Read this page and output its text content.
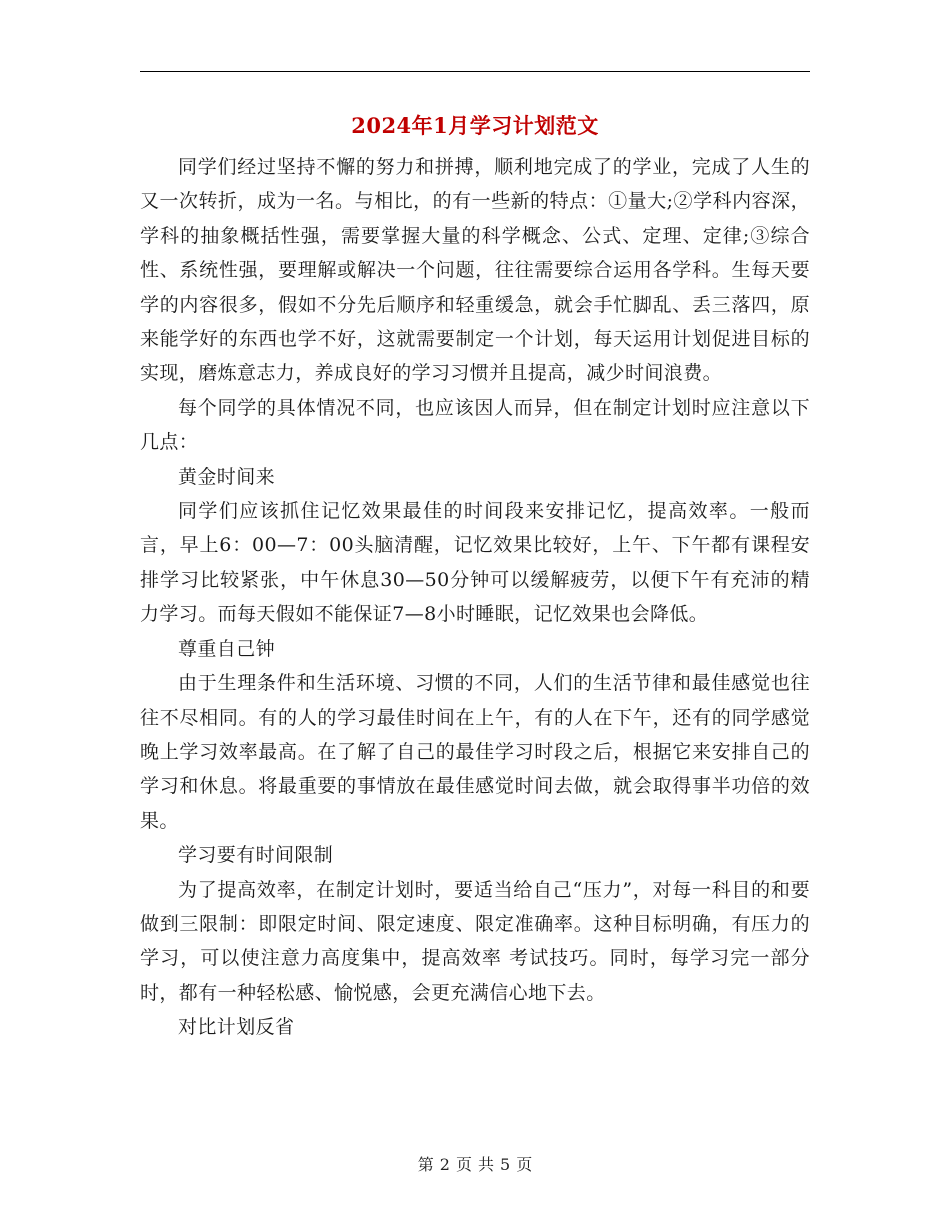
2024年1月学习计划范文

同学们经过坚持不懈的努力和拼搏，顺利地完成了的学业，完成了人生的又一次转折，成为一名。与相比，的有一些新的特点：①量大;②学科内容深，学科的抽象概括性强，需要掌握大量的科学概念、公式、定理、定律;③综合性、系统性强，要理解或解决一个问题，往往需要综合运用各学科。生每天要学的内容很多，假如不分先后顺序和轻重缓急，就会手忙脚乱、丢三落四，原来能学好的东西也学不好，这就需要制定一个计划，每天运用计划促进目标的实现，磨炼意志力，养成良好的学习习惯并且提高，减少时间浪费。

每个同学的具体情况不同，也应该因人而异，但在制定计划时应注意以下几点：

黄金时间来

同学们应该抓住记忆效果最佳的时间段来安排记忆，提高效率。一般而言，早上6：00—7：00头脑清醒，记忆效果比较好，上午、下午都有课程安排学习比较紧张，中午休息30—50分钟可以缓解疲劳，以便下午有充沛的精力学习。而每天假如不能保证7—8小时睡眠，记忆效果也会降低。

尊重自己钟

由于生理条件和生活环境、习惯的不同，人们的生活节律和最佳感觉也往往不尽相同。有的人的学习最佳时间在上午，有的人在下午，还有的同学感觉晚上学习效率最高。在了解了自己的最佳学习时段之后，根据它来安排自己的学习和休息。将最重要的事情放在最佳感觉时间去做，就会取得事半功倍的效果。

学习要有时间限制

为了提高效率，在制定计划时，要适当给自己“压力”，对每一科目的和要做到三限制：即限定时间、限定速度、限定准确率。这种目标明确，有压力的学习，可以使注意力高度集中，提高效率 考试技巧。同时，每学习完一部分时，都有一种轻松感、愉悦感，会更充满信心地下去。

对比计划反省

第 2 页 共 5 页
